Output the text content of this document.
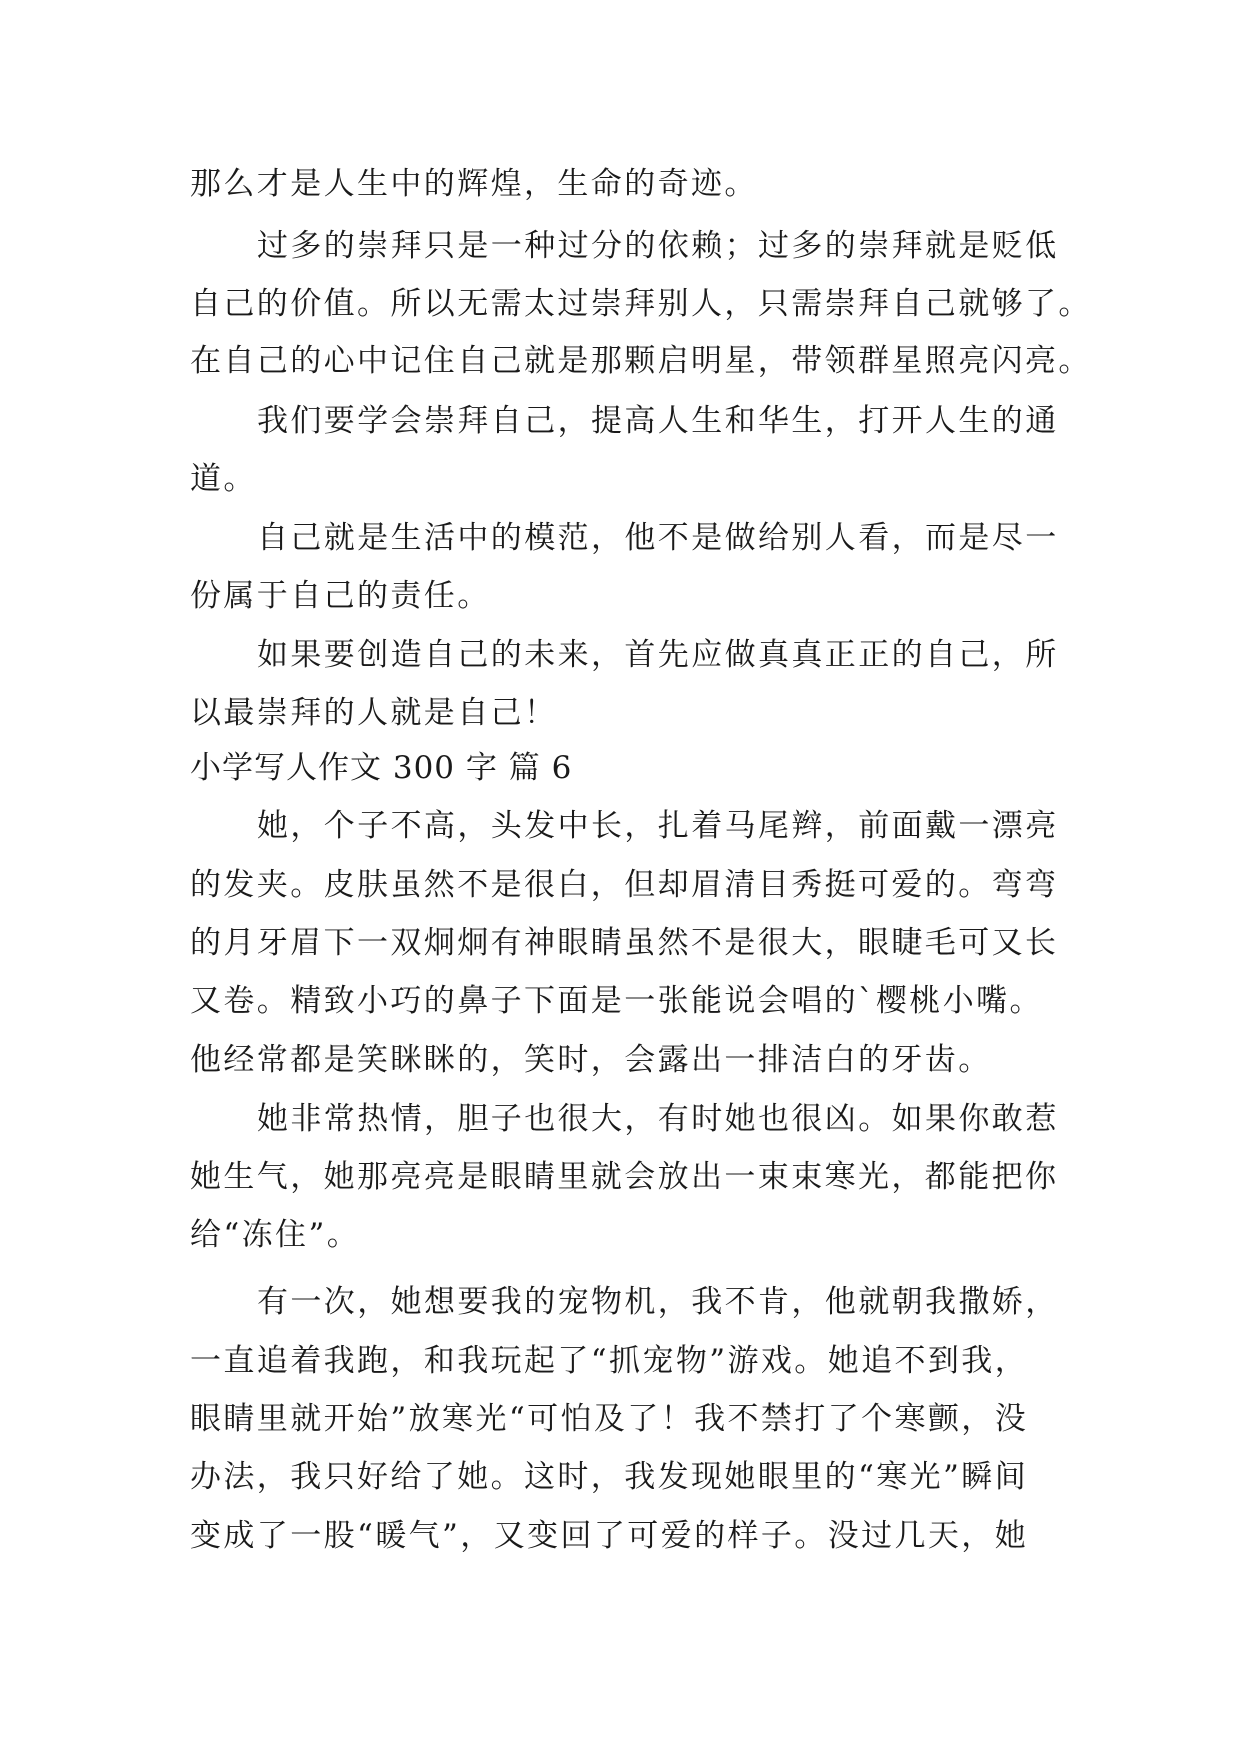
那么才是人生中的辉煌，生命的奇迹。
过多的崇拜只是一种过分的依赖；过多的崇拜就是贬低
自己的价值。所以无需太过崇拜别人，只需崇拜自己就够了。
在自己的心中记住自己就是那颗启明星，带领群星照亮闪亮。
我们要学会崇拜自己，提高人生和华生，打开人生的通
道。
自己就是生活中的模范，他不是做给别人看，而是尽一
份属于自己的责任。
如果要创造自己的未来，首先应做真真正正的自己，所
以最崇拜的人就是自己！
小学写人作文 300 字 篇 6
她，个子不高，头发中长，扎着马尾辫，前面戴一漂亮
的发夹。皮肤虽然不是很白，但却眉清目秀挺可爱的。弯弯
的月牙眉下一双炯炯有神眼睛虽然不是很大，眼睫毛可又长
又卷。精致小巧的鼻子下面是一张能说会唱的`樱桃小嘴。
他经常都是笑眯眯的，笑时，会露出一排洁白的牙齿。
她非常热情，胆子也很大，有时她也很凶。如果你敢惹
她生气，她那亮亮是眼睛里就会放出一束束寒光，都能把你
给“冻住”。
有一次，她想要我的宠物机，我不肯，他就朝我撒娇，
一直追着我跑，和我玩起了“抓宠物”游戏。她追不到我，
眼睛里就开始”放寒光“可怕及了！我不禁打了个寒颤，没
办法，我只好给了她。这时，我发现她眼里的“寒光”瞬间
变成了一股“暖气”，又变回了可爱的样子。没过几天，她
